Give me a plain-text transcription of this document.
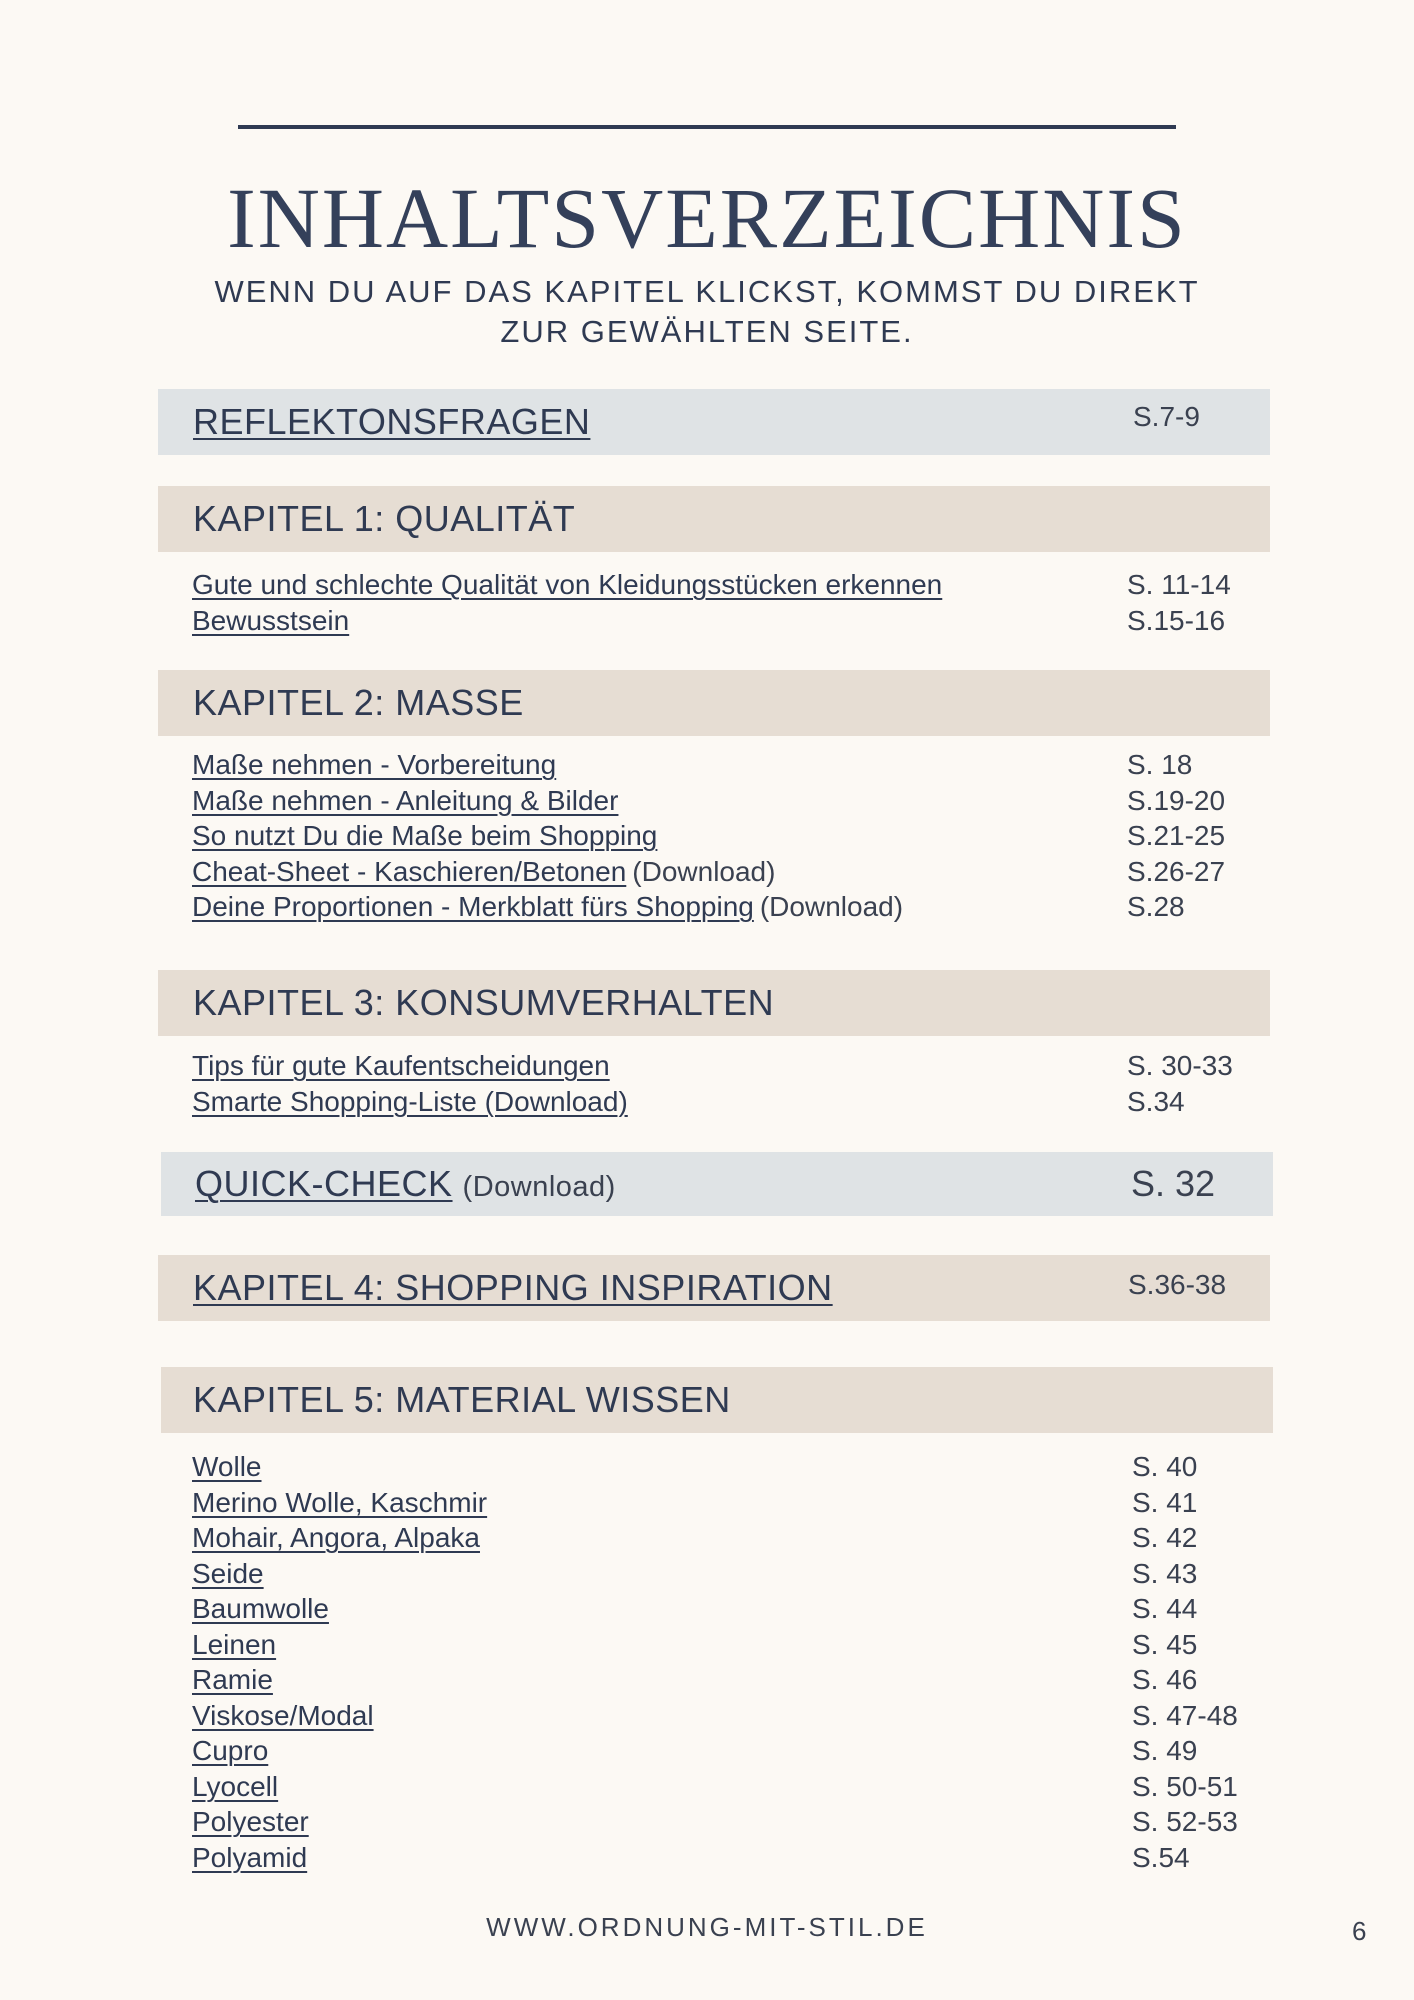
INHALTSVERZEICHNIS
WENN DU AUF DAS KAPITEL KLICKST, KOMMST DU DIREKT
ZUR GEWÄHLTEN SEITE.
REFLEKTONSFRAGEN	S.7-9
KAPITEL 1: QUALITÄT
Gute und schlechte Qualität von Kleidungsstücken erkennen	S. 11-14
Bewusstsein	S.15-16
KAPITEL 2: MASSE
Maße nehmen - Vorbereitung	S. 18
Maße nehmen - Anleitung & Bilder	S.19-20
So nutzt Du die Maße beim Shopping	S.21-25
Cheat-Sheet - Kaschieren/Betonen (Download)	S.26-27
Deine Proportionen - Merkblatt fürs Shopping (Download)	S.28
KAPITEL 3: KONSUMVERHALTEN
Tips für gute Kaufentscheidungen	S. 30-33
Smarte Shopping-Liste (Download)	S.34
QUICK-CHECK (Download)	S. 32
KAPITEL 4: SHOPPING INSPIRATION	S.36-38
KAPITEL 5: MATERIAL WISSEN
Wolle	S. 40
Merino Wolle, Kaschmir	S. 41
Mohair, Angora, Alpaka	S. 42
Seide	S. 43
Baumwolle	S. 44
Leinen	S. 45
Ramie	S. 46
Viskose/Modal	S. 47-48
Cupro	S. 49
Lyocell	S. 50-51
Polyester	S. 52-53
Polyamid	S.54
WWW.ORDNUNG-MIT-STIL.DE	6
